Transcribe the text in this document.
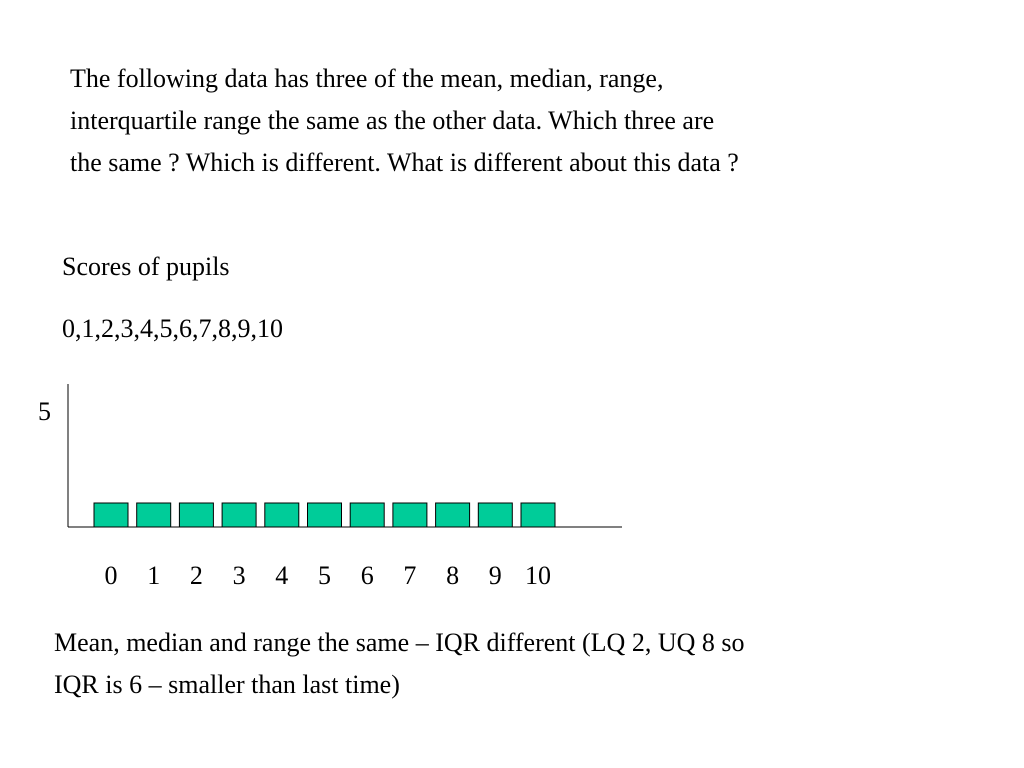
The following data has three of the mean, median, range,
interquartile range the same as the other data. Which three are
the same ? Which is different. What is different about this data ?
Scores of pupils
0,1,2,3,4,5,6,7,8,9,10
5
0 1 2 3 4 5 6 7 8 9 10
Mean, median and range the same – IQR different (LQ 2, UQ 8 so
IQR is 6 – smaller than last time)
